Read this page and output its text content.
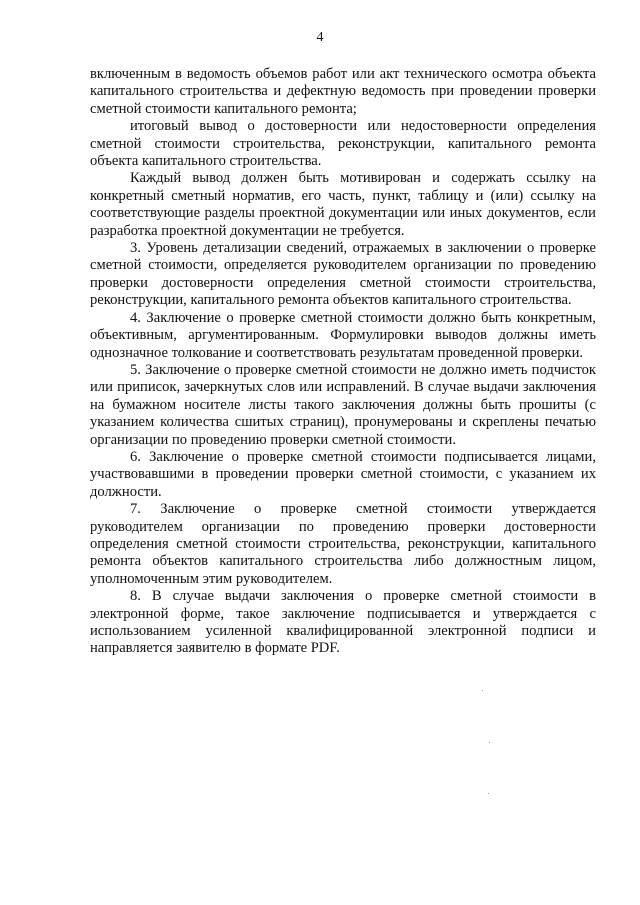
4

включенным в ведомость объемов работ или акт технического осмотра объекта капитального строительства и дефектную ведомость при проведении проверки сметной стоимости капитального ремонта;

итоговый вывод о достоверности или недостоверности определения сметной стоимости строительства, реконструкции, капитального ремонта объекта капитального строительства.

Каждый вывод должен быть мотивирован и содержать ссылку на конкретный сметный норматив, его часть, пункт, таблицу и (или) ссылку на соответствующие разделы проектной документации или иных документов, если разработка проектной документации не требуется.

3. Уровень детализации сведений, отражаемых в заключении о проверке сметной стоимости, определяется руководителем организации по проведению проверки достоверности определения сметной стоимости строительства, реконструкции, капитального ремонта объектов капитального строительства.

4. Заключение о проверке сметной стоимости должно быть конкретным, объективным, аргументированным. Формулировки выводов должны иметь однозначное толкование и соответствовать результатам проведенной проверки.

5. Заключение о проверке сметной стоимости не должно иметь подчисток или приписок, зачеркнутых слов или исправлений. В случае выдачи заключения на бумажном носителе листы такого заключения должны быть прошиты (с указанием количества сшитых страниц), пронумерованы и скреплены печатью организации по проведению проверки сметной стоимости.

6. Заключение о проверке сметной стоимости подписывается лицами, участвовавшими в проведении проверки сметной стоимости, с указанием их должности.

7. Заключение о проверке сметной стоимости утверждается руководителем организации по проведению проверки достоверности определения сметной стоимости строительства, реконструкции, капитального ремонта объектов капитального строительства либо должностным лицом, уполномоченным этим руководителем.

8. В случае выдачи заключения о проверке сметной стоимости в электронной форме, такое заключение подписывается и утверждается с использованием усиленной квалифицированной электронной подписи и направляется заявителю в формате PDF.
